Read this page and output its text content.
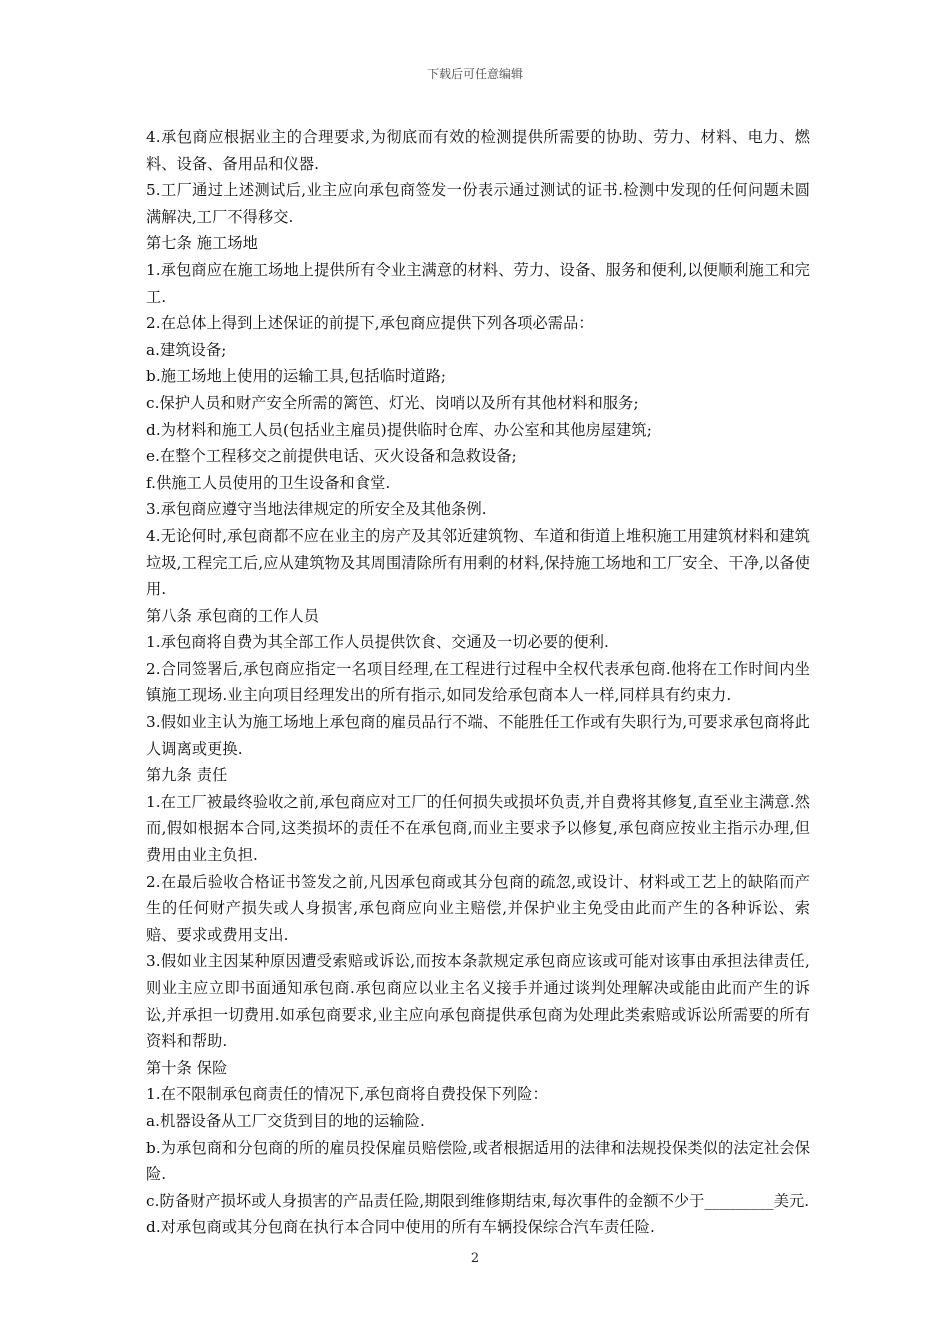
下载后可任意编辑

4.承包商应根据业主的合理要求,为彻底而有效的检测提供所需要的协助、劳力、材料、电力、燃料、设备、备用品和仪器.

5.工厂通过上述测试后,业主应向承包商签发一份表示通过测试的证书.检测中发现的任何问题未圆满解决,工厂不得移交.

第七条 施工场地

1.承包商应在施工场地上提供所有令业主满意的材料、劳力、设备、服务和便利,以便顺利施工和完工.

2.在总体上得到上述保证的前提下,承包商应提供下列各项必需品：

a.建筑设备;

b.施工场地上使用的运输工具,包括临时道路;

c.保护人员和财产安全所需的篱笆、灯光、岗哨以及所有其他材料和服务;

d.为材料和施工人员(包括业主雇员)提供临时仓库、办公室和其他房屋建筑;

e.在整个工程移交之前提供电话、灭火设备和急救设备;

f.供施工人员使用的卫生设备和食堂.

3.承包商应遵守当地法律规定的所安全及其他条例.

4.无论何时,承包商都不应在业主的房产及其邻近建筑物、车道和街道上堆积施工用建筑材料和建筑垃圾,工程完工后,应从建筑物及其周围清除所有用剩的材料,保持施工场地和工厂安全、干净,以备使用.

第八条 承包商的工作人员

1.承包商将自费为其全部工作人员提供饮食、交通及一切必要的便利.

2.合同签署后,承包商应指定一名项目经理,在工程进行过程中全权代表承包商.他将在工作时间内坐镇施工现场.业主向项目经理发出的所有指示,如同发给承包商本人一样,同样具有约束力.

3.假如业主认为施工场地上承包商的雇员品行不端、不能胜任工作或有失职行为,可要求承包商将此人调离或更换.

第九条 责任

1.在工厂被最终验收之前,承包商应对工厂的任何损失或损坏负责,并自费将其修复,直至业主满意.然而,假如根据本合同,这类损坏的责任不在承包商,而业主要求予以修复,承包商应按业主指示办理,但费用由业主负担.

2.在最后验收合格证书签发之前,凡因承包商或其分包商的疏忽,或设计、材料或工艺上的缺陷而产生的任何财产损失或人身损害,承包商应向业主赔偿,并保护业主免受由此而产生的各种诉讼、索赔、要求或费用支出.

3.假如业主因某种原因遭受索赔或诉讼,而按本条款规定承包商应该或可能对该事由承担法律责任,则业主应立即书面通知承包商.承包商应以业主名义接手并通过谈判处理解决或能由此而产生的诉讼,并承担一切费用.如承包商要求,业主应向承包商提供承包商为处理此类索赔或诉讼所需要的所有资料和帮助.

第十条 保险

1.在不限制承包商责任的情况下,承包商将自费投保下列险：

a.机器设备从工厂交货到目的地的运输险.

b.为承包商和分包商的所的雇员投保雇员赔偿险,或者根据适用的法律和法规投保类似的法定社会保险.

c.防备财产损坏或人身损害的产品责任险,期限到维修期结束,每次事件的金额不少于_________美元.

d.对承包商或其分包商在执行本合同中使用的所有车辆投保综合汽车责任险.

2
